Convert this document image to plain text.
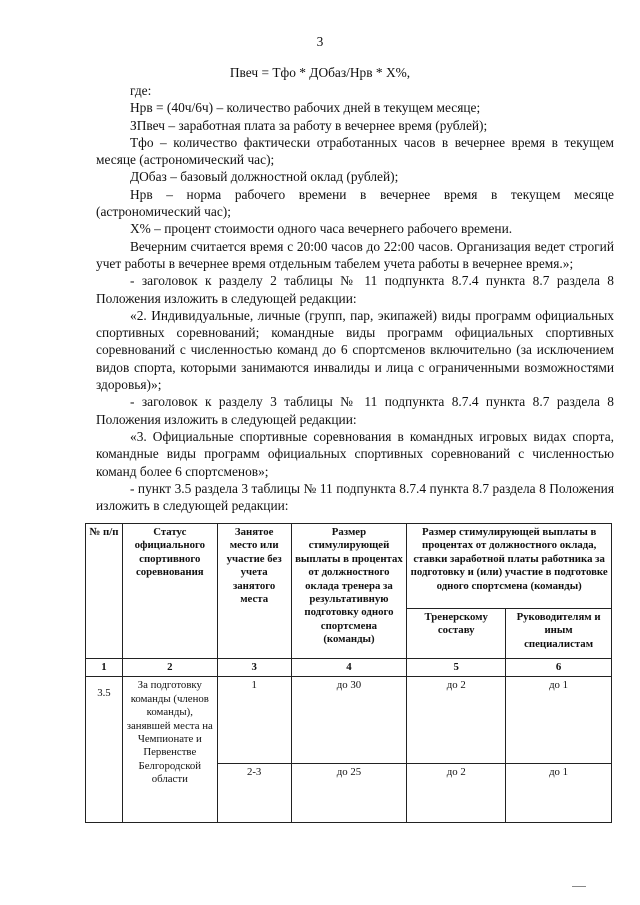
3
Пвеч = Тфо * ДОбаз/Нрв * Х%,

где:

Нрв = (40ч/6ч) – количество рабочих дней в текущем месяце;

ЗПвеч – заработная плата за работу в вечернее время (рублей);

Тфо – количество фактически отработанных часов в вечернее время в текущем месяце (астрономический час);

ДОбаз – базовый должностной оклад (рублей);

Нрв – норма рабочего времени в вечернее время в текущем месяце (астрономический час);

Х% – процент стоимости одного часа вечернего рабочего времени.

Вечерним считается время с 20:00 часов до 22:00 часов. Организация ведет строгий учет работы в вечернее время отдельным табелем учета работы в вечернее время.»;

- заголовок к разделу 2 таблицы № 11 подпункта 8.7.4 пункта 8.7 раздела 8 Положения изложить в следующей редакции:

«2. Индивидуальные, личные (групп, пар, экипажей) виды программ официальных спортивных соревнований; командные виды программ официальных спортивных соревнований с численностью команд до 6 спортсменов включительно (за исключением видов спорта, которыми занимаются инвалиды и лица с ограниченными возможностями здоровья)»;

- заголовок к разделу 3 таблицы № 11 подпункта 8.7.4 пункта 8.7 раздела 8 Положения изложить в следующей редакции:

«3. Официальные спортивные соревнования в командных игровых видах спорта, командные виды программ официальных спортивных соревнований с численностью команд более 6 спортсменов»;

- пункт 3.5 раздела 3 таблицы № 11 подпункта 8.7.4 пункта 8.7 раздела 8 Положения изложить в следующей редакции:

№ п/п	Статус официального спортивного соревнования	Занятое место или участие без учета занятого места	Размер стимулирующей выплаты в процентах от должностного оклада тренера за результативную подготовку одного спортсмена (команды)	Размер стимулирующей выплаты в процентах от должностного оклада, ставки заработной платы работника за подготовку и (или) участие в подготовке одного спортсмена (команды)	
				Тренерскому составу	Руководителям и иным специалистам
1	2	3	4	5	6
3.5	За подготовку команды (членов команды), занявшей места на Чемпионате и Первенстве Белгородской области	1	до 30	до 2	до 1
		2-3	до 25	до 2	до 1
